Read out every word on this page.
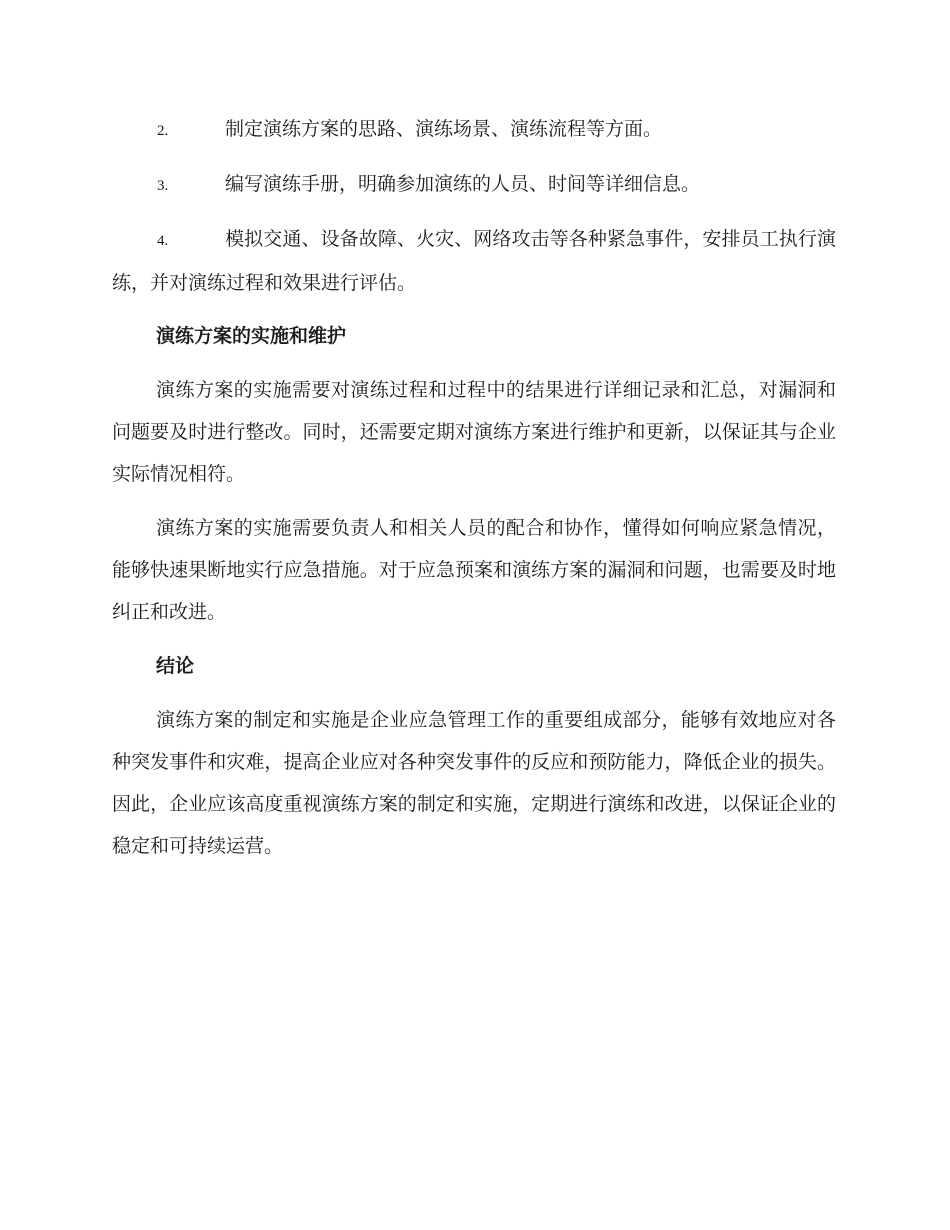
2.	制定演练方案的思路、演练场景、演练流程等方面。
3.	编写演练手册，明确参加演练的人员、时间等详细信息。
4.	模拟交通、设备故障、火灾、网络攻击等各种紧急事件，安排员工执行演练，并对演练过程和效果进行评估。
演练方案的实施和维护

演练方案的实施需要对演练过程和过程中的结果进行详细记录和汇总，对漏洞和问题要及时进行整改。同时，还需要定期对演练方案进行维护和更新，以保证其与企业实际情况相符。

演练方案的实施需要负责人和相关人员的配合和协作，懂得如何响应紧急情况，能够快速果断地实行应急措施。对于应急预案和演练方案的漏洞和问题，也需要及时地纠正和改进。

结论

演练方案的制定和实施是企业应急管理工作的重要组成部分，能够有效地应对各种突发事件和灾难，提高企业应对各种突发事件的反应和预防能力，降低企业的损失。因此，企业应该高度重视演练方案的制定和实施，定期进行演练和改进，以保证企业的稳定和可持续运营。
